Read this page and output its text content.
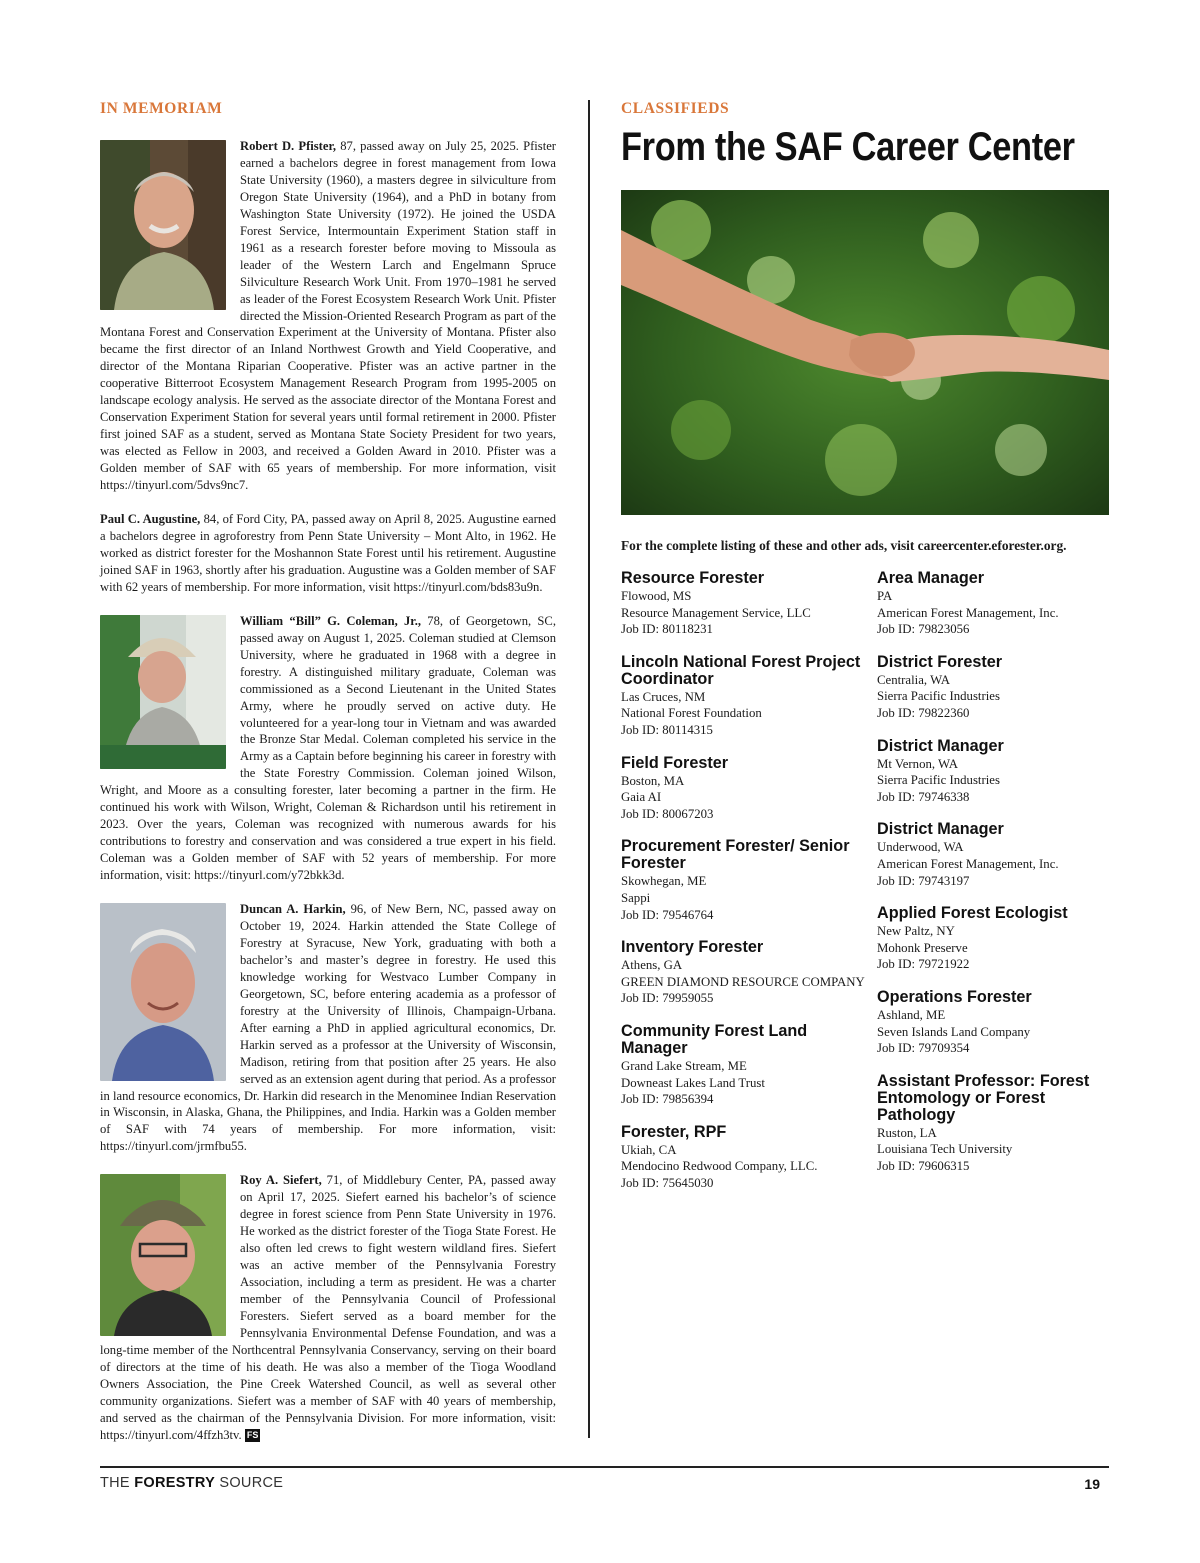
IN MEMORIAM
Robert D. Pfister, 87, passed away on July 25, 2025. Pfister earned a bachelors degree in forest management from Iowa State University (1960), a masters degree in silviculture from Oregon State University (1964), and a PhD in botany from Washington State University (1972). He joined the USDA Forest Service, Intermountain Experiment Station staff in 1961 as a research forester before moving to Missoula as leader of the Western Larch and Engelmann Spruce Silviculture Research Work Unit. From 1970–1981 he served as leader of the Forest Ecosystem Research Work Unit. Pfister directed the Mission-Oriented Research Program as part of the Montana Forest and Conservation Experiment at the University of Montana. Pfister also became the first director of an Inland Northwest Growth and Yield Cooperative, and director of the Montana Riparian Cooperative. Pfister was an active partner in the cooperative Bitterroot Ecosystem Management Research Program from 1995-2005 on landscape ecology analysis. He served as the associate director of the Montana Forest and Conservation Experiment Station for several years until formal retirement in 2000. Pfister first joined SAF as a student, served as Montana State Society President for two years, was elected as Fellow in 2003, and received a Golden Award in 2010. Pfister was a Golden member of SAF with 65 years of membership. For more information, visit https://tinyurl.com/5dvs9nc7.
Paul C. Augustine, 84, of Ford City, PA, passed away on April 8, 2025. Augustine earned a bachelors degree in agroforestry from Penn State University – Mont Alto, in 1962. He worked as district forester for the Moshannon State Forest until his retirement. Augustine joined SAF in 1963, shortly after his graduation. Augustine was a Golden member of SAF with 62 years of membership. For more information, visit https://tinyurl.com/bds83u9n.
William “Bill” G. Coleman, Jr., 78, of Georgetown, SC, passed away on August 1, 2025. Coleman studied at Clemson University, where he graduated in 1968 with a degree in forestry. A distinguished military graduate, Coleman was commissioned as a Second Lieutenant in the United States Army, where he proudly served on active duty. He volunteered for a year-long tour in Vietnam and was awarded the Bronze Star Medal. Coleman completed his service in the Army as a Captain before beginning his career in forestry with the State Forestry Commission. Coleman joined Wilson, Wright, and Moore as a consulting forester, later becoming a partner in the firm. He continued his work with Wilson, Wright, Coleman & Richardson until his retirement in 2023. Over the years, Coleman was recognized with numerous awards for his contributions to forestry and conservation and was considered a true expert in his field. Coleman was a Golden member of SAF with 52 years of membership. For more information, visit: https://tinyurl.com/y72bkk3d.
Duncan A. Harkin, 96, of New Bern, NC, passed away on October 19, 2024. Harkin attended the State College of Forestry at Syracuse, New York, graduating with both a bachelor’s and master’s degree in forestry. He used this knowledge working for Westvaco Lumber Company in Georgetown, SC, before entering academia as a professor of forestry at the University of Illinois, Champaign-Urbana. After earning a PhD in applied agricultural economics, Dr. Harkin served as a professor at the University of Wisconsin, Madison, retiring from that position after 25 years. He also served as an extension agent during that period. As a professor in land resource economics, Dr. Harkin did research in the Menominee Indian Reservation in Wisconsin, in Alaska, Ghana, the Philippines, and India. Harkin was a Golden member of SAF with 74 years of membership. For more information, visit: https://tinyurl.com/jrmfbu55.
Roy A. Siefert, 71, of Middlebury Center, PA, passed away on April 17, 2025. Siefert earned his bachelor’s of science degree in forest science from Penn State University in 1976. He worked as the district forester of the Tioga State Forest. He also often led crews to fight western wildland fires. Siefert was an active member of the Pennsylvania Forestry Association, including a term as president. He was a charter member of the Pennsylvania Council of Professional Foresters. Siefert served as a board member for the Pennsylvania Environmental Defense Foundation, and was a long-time member of the Northcentral Pennsylvania Conservancy, serving on their board of directors at the time of his death. He was also a member of the Tioga Woodland Owners Association, the Pine Creek Watershed Council, as well as several other community organizations. Siefert was a member of SAF with 40 years of membership, and served as the chairman of the Pennsylvania Division. For more information, visit: https://tinyurl.com/4ffzh3tv. FS
CLASSIFIEDS
From the SAF Career Center
For the complete listing of these and other ads, visit careercenter.eforester.org.
Resource Forester
Flowood, MS
Resource Management Service, LLC
Job ID: 80118231
Lincoln National Forest Project Coordinator
Las Cruces, NM
National Forest Foundation
Job ID: 80114315
Field Forester
Boston, MA
Gaia AI
Job ID: 80067203
Procurement Forester/ Senior Forester
Skowhegan, ME
Sappi
Job ID: 79546764
Inventory Forester
Athens, GA
GREEN DIAMOND RESOURCE COMPANY
Job ID: 79959055
Community Forest Land Manager
Grand Lake Stream, ME
Downeast Lakes Land Trust
Job ID: 79856394
Forester, RPF
Ukiah, CA
Mendocino Redwood Company, LLC.
Job ID: 75645030
Area Manager
PA
American Forest Management, Inc.
Job ID: 79823056
District Forester
Centralia, WA
Sierra Pacific Industries
Job ID: 79822360
District Manager
Mt Vernon, WA
Sierra Pacific Industries
Job ID: 79746338
District Manager
Underwood, WA
American Forest Management, Inc.
Job ID: 79743197
Applied Forest Ecologist
New Paltz, NY
Mohonk Preserve
Job ID: 79721922
Operations Forester
Ashland, ME
Seven Islands Land Company
Job ID: 79709354
Assistant Professor: Forest Entomology or Forest Pathology
Ruston, LA
Louisiana Tech University
Job ID: 79606315
THE FORESTRY SOURCE	19
